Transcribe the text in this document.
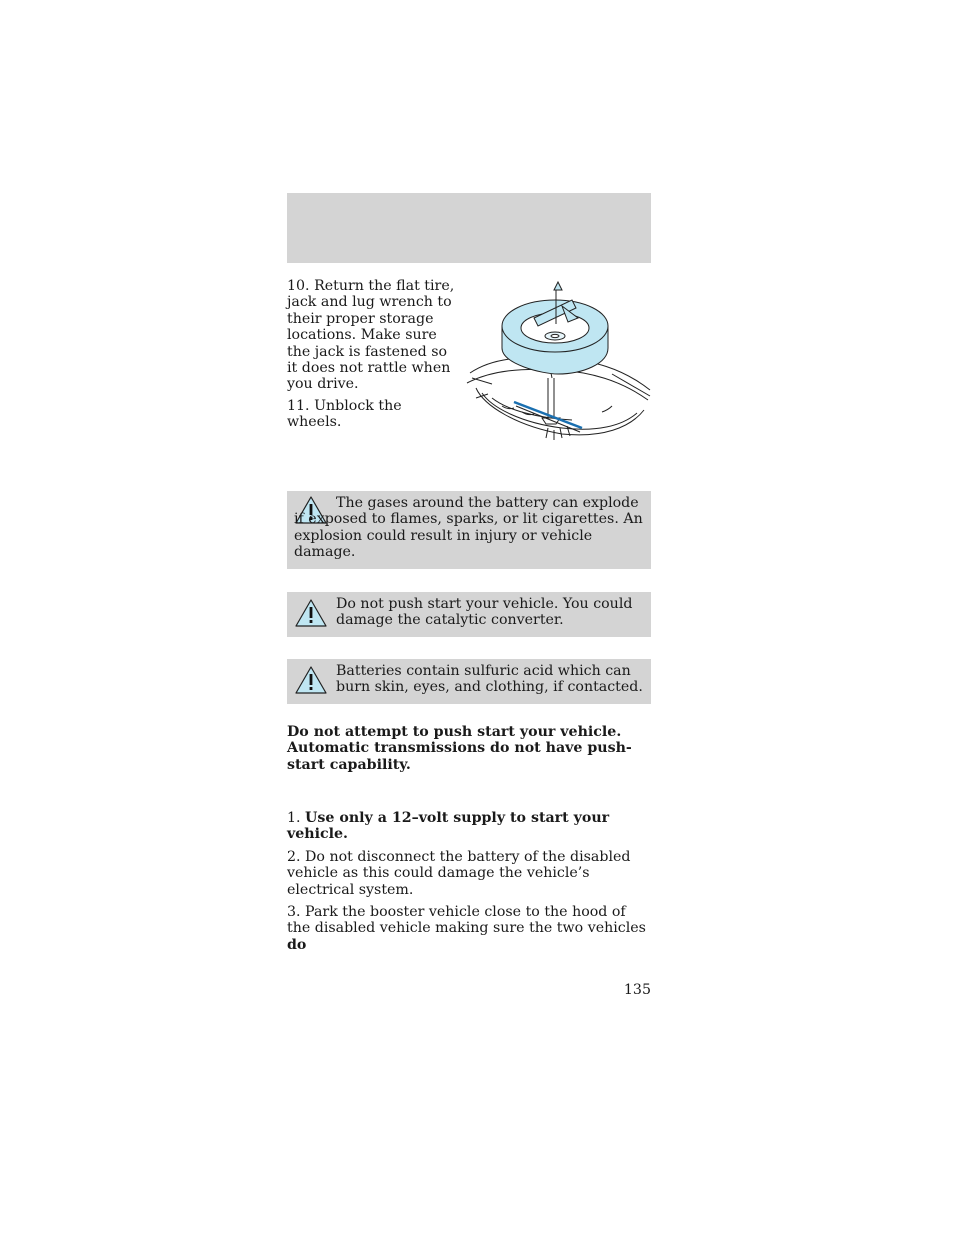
10. Return the flat tire, jack and lug wrench to their proper storage locations. Make sure the jack is fastened so it does not rattle when you drive.

11. Unblock the wheels.

The gases around the battery can explode if exposed to flames, sparks, or lit cigarettes. An explosion could result in injury or vehicle damage.

Do not push start your vehicle. You could damage the catalytic converter.

Batteries contain sulfuric acid which can burn skin, eyes, and clothing, if contacted.

Do not attempt to push start your vehicle. Automatic transmissions do not have push-start capability.

1. Use only a 12–volt supply to start your vehicle.

2. Do not disconnect the battery of the disabled vehicle as this could damage the vehicle’s electrical system.

3. Park the booster vehicle close to the hood of the disabled vehicle making sure the two vehicles do

135
